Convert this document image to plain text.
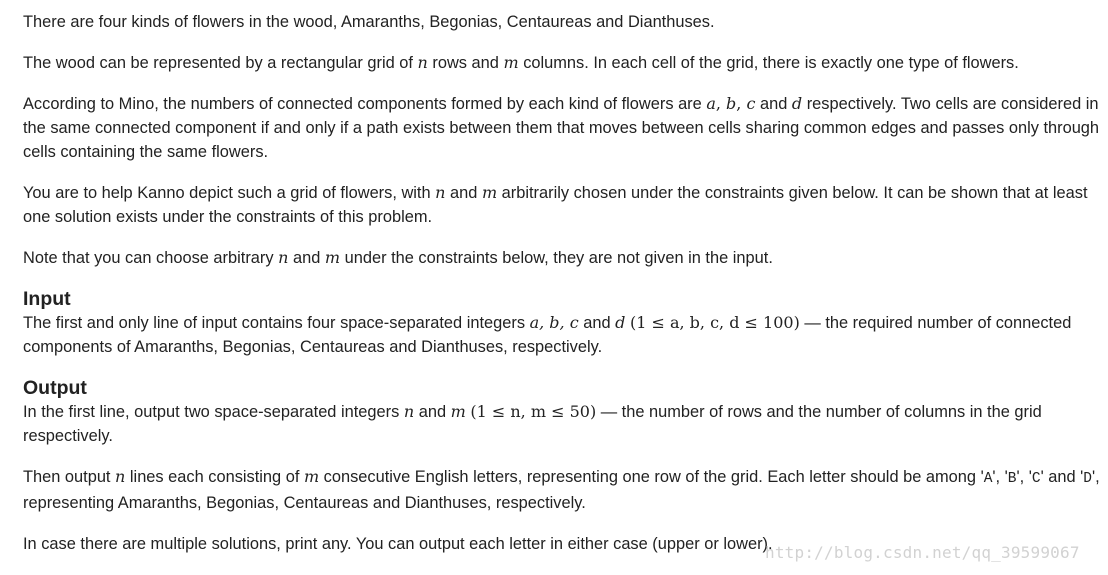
There are four kinds of flowers in the wood, Amaranths, Begonias, Centaureas and Dianthuses.

The wood can be represented by a rectangular grid of n rows and m columns. In each cell of the grid, there is exactly one type of flowers.

According to Mino, the numbers of connected components formed by each kind of flowers are a, b, c and d respectively. Two cells are considered in the same connected component if and only if a path exists between them that moves between cells sharing common edges and passes only through cells containing the same flowers.

You are to help Kanno depict such a grid of flowers, with n and m arbitrarily chosen under the constraints given below. It can be shown that at least one solution exists under the constraints of this problem.

Note that you can choose arbitrary n and m under the constraints below, they are not given in the input.

Input

The first and only line of input contains four space-separated integers a, b, c and d (1 ≤ a, b, c, d ≤ 100) — the required number of connected components of Amaranths, Begonias, Centaureas and Dianthuses, respectively.

Output

In the first line, output two space-separated integers n and m (1 ≤ n, m ≤ 50) — the number of rows and the number of columns in the grid respectively.

Then output n lines each consisting of m consecutive English letters, representing one row of the grid. Each letter should be among 'A', 'B', 'C' and 'D', representing Amaranths, Begonias, Centaureas and Dianthuses, respectively.

In case there are multiple solutions, print any. You can output each letter in either case (upper or lower).

http://blog.csdn.net/qq_39599067
